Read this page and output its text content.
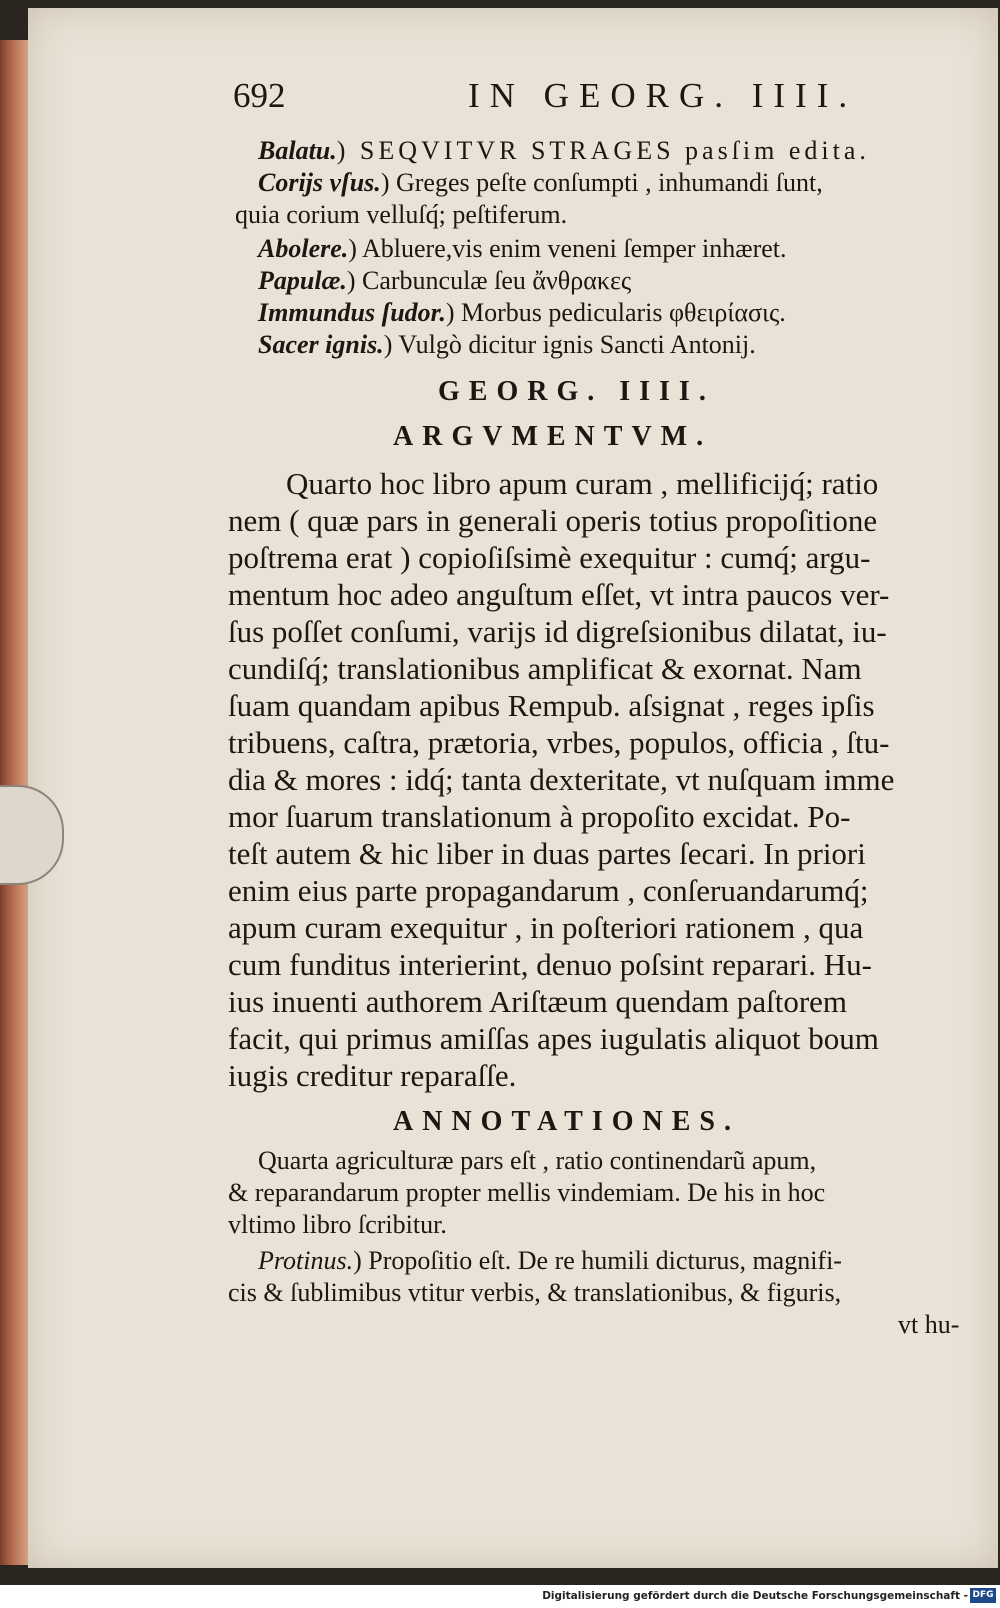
692	IN GEORG. IIII.
Balatu.) SEQVITVR STRAGES pasſim edita.
Corijs vſus.) Greges peſte conſumpti , inhumandi ſunt,
quia corium velluſq́; peſtiferum.
Abolere.) Abluere,vis enim veneni ſemper inhæret.
Papulæ.) Carbunculæ ſeu ἄνθρακες
Immundus ſudor.) Morbus pedicularis φθειρίασις.
Sacer ignis.) Vulgò dicitur ignis Sancti Antonij.
GEORG. IIII.
ARGVMENTVM.
Quarto hoc libro apum curam , mellificijq́; ratio
nem ( quæ pars in generali operis totius propoſitione
poſtrema erat ) copioſiſsimè exequitur : cumq́; argu-
mentum hoc adeo anguſtum eſſet, vt intra paucos ver-
ſus poſſet conſumi, varijs id digreſsionibus dilatat, iu-
cundiſq́; translationibus amplificat & exornat. Nam
ſuam quandam apibus Rempub. aſsignat , reges ipſis
tribuens, caſtra, prætoria, vrbes, populos, officia , ſtu-
dia & mores : idq́; tanta dexteritate, vt nuſquam imme
mor ſuarum translationum à propoſito excidat. Po-
teſt autem & hic liber in duas partes ſecari. In priori
enim eius parte propagandarum , conſeruandarumq́;
apum curam exequitur , in poſteriori rationem , qua
cum funditus interierint, denuo poſsint reparari. Hu-
ius inuenti authorem Ariſtæum quendam paſtorem
facit, qui primus amiſſas apes iugulatis aliquot boum
iugis creditur reparaſſe.
ANNOTATIONES.
Quarta agriculturæ pars eſt , ratio continendarũ apum,
& reparandarum propter mellis vindemiam. De his in hoc
vltimo libro ſcribitur.
Protinus.) Propoſitio eſt. De re humili dicturus, magnifi-
cis & ſublimibus vtitur verbis, & translationibus, & figuris,
vt hu-
Digitalisierung gefördert durch die Deutsche Forschungsgemeinschaft - DFG
